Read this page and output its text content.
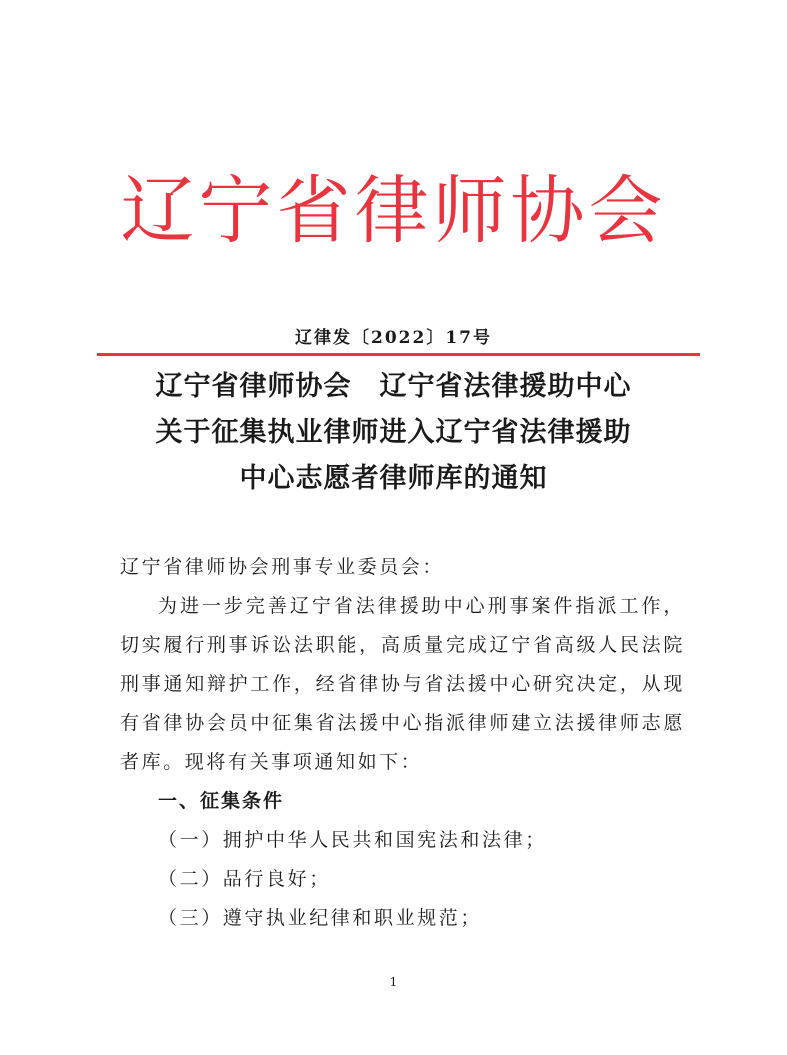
辽宁省律师协会
辽律发〔2022〕17号
辽宁省律师协会　辽宁省法律援助中心
关于征集执业律师进入辽宁省法律援助
中心志愿者律师库的通知
辽宁省律师协会刑事专业委员会：
为进一步完善辽宁省法律援助中心刑事案件指派工作，切实履行刑事诉讼法职能，高质量完成辽宁省高级人民法院刑事通知辩护工作，经省律协与省法援中心研究决定，从现有省律协会员中征集省法援中心指派律师建立法援律师志愿者库。现将有关事项通知如下：
一、征集条件
（一）拥护中华人民共和国宪法和法律；
（二）品行良好；
（三）遵守执业纪律和职业规范；
1
